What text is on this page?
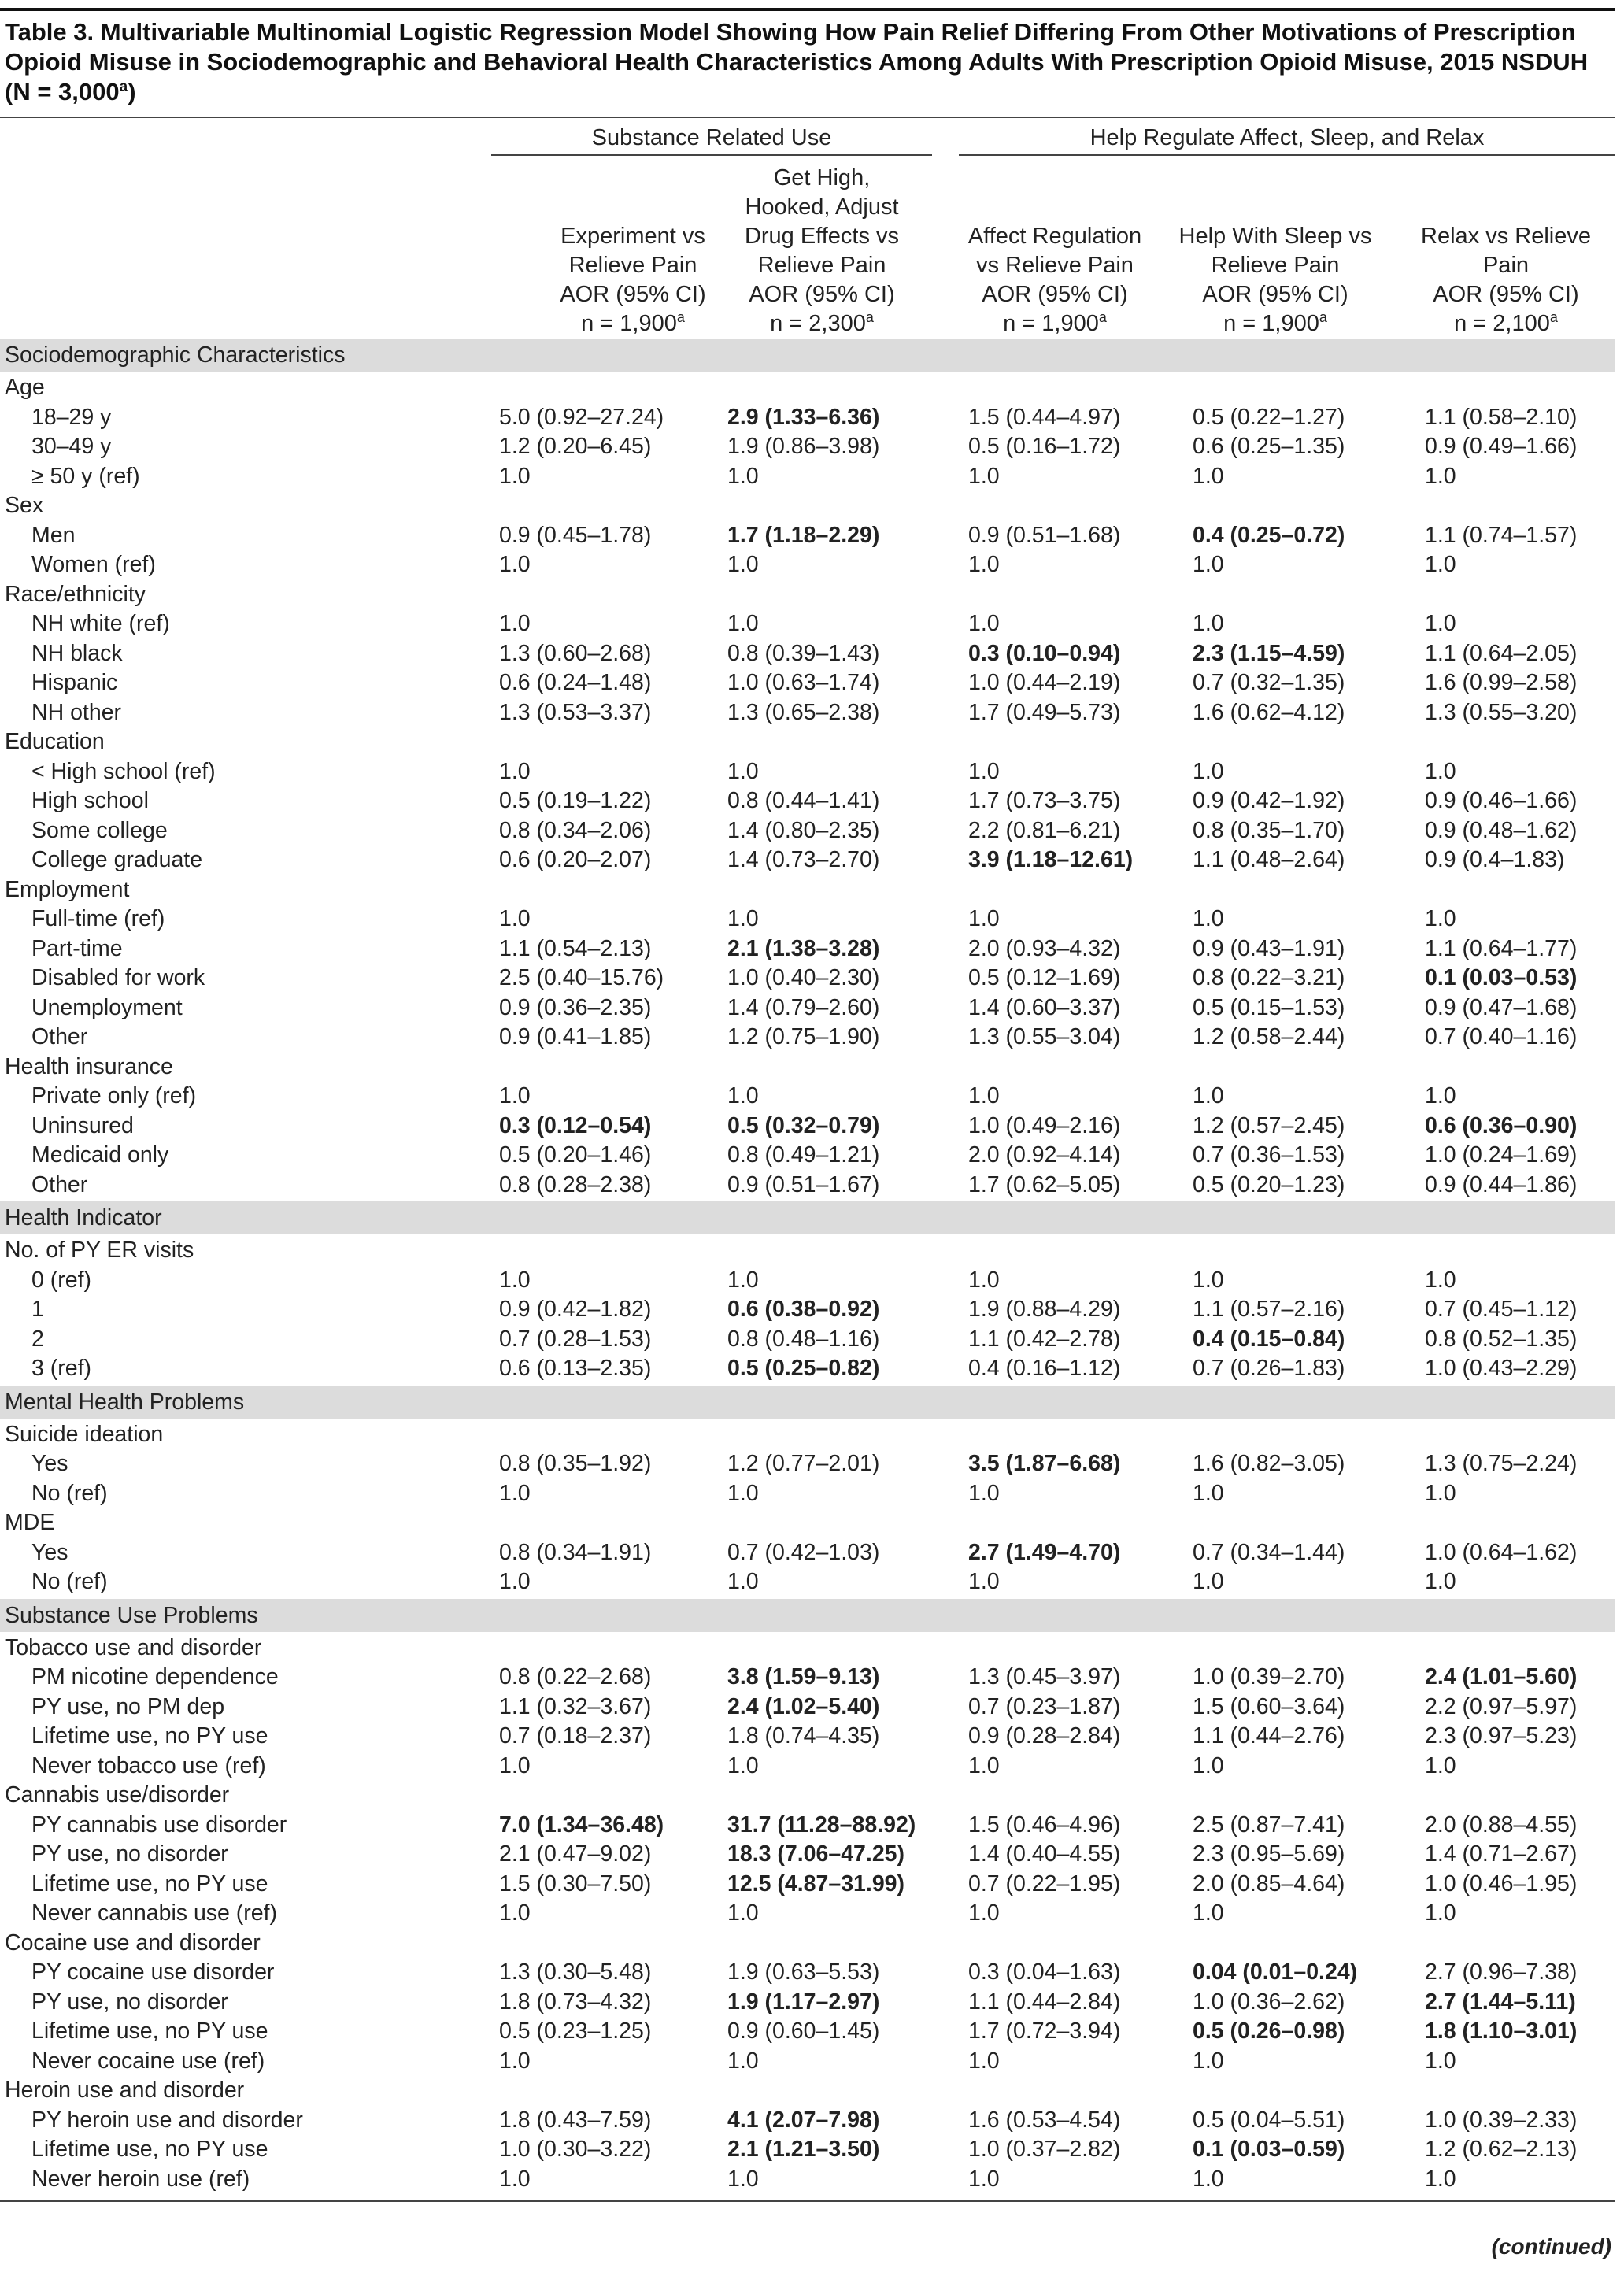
Table 3. Multivariable Multinomial Logistic Regression Model Showing How Pain Relief Differing From Other Motivations of Prescription Opioid Misuse in Sociodemographic and Behavioral Health Characteristics Among Adults With Prescription Opioid Misuse, 2015 NSDUH (N = 3,000$^a$)

Substance Related Use	Help Regulate Affect, Sleep, and Relax

Experiment vs
Relieve Pain
AOR (95% CI)
n = 1,900$^a$
Get High,
Hooked, Adjust
Drug Effects vs
Relieve Pain
AOR (95% CI)
n = 2,300$^a$

Affect Regulation
vs Relieve Pain
AOR (95% CI)
n = 1,900$^a$

Help With Sleep vs
Relieve Pain
AOR (95% CI)
n = 1,900$^a$

Relax vs Relieve
Pain
AOR (95% CI)
n = 2,100$^a$
Sociodemographic Characteristics
Age
18–29 y	5.0 (0.92–27.24)	2.9 (1.33–6.36)	1.5 (0.44–4.97)	0.5 (0.22–1.27)	1.1 (0.58–2.10)
30–49 y	1.2 (0.20–6.45)	1.9 (0.86–3.98)	0.5 (0.16–1.72)	0.6 (0.25–1.35)	0.9 (0.49–1.66)
≥ 50 y (ref)	1.0	1.0	1.0	1.0	1.0
Sex
Men	0.9 (0.45–1.78)	1.7 (1.18–2.29)	0.9 (0.51–1.68)	0.4 (0.25–0.72)	1.1 (0.74–1.57)
Women (ref)	1.0	1.0	1.0	1.0	1.0
Race/ethnicity
NH white (ref)	1.0	1.0	1.0	1.0	1.0
NH black	1.3 (0.60–2.68)	0.8 (0.39–1.43)	0.3 (0.10–0.94)	2.3 (1.15–4.59)	1.1 (0.64–2.05)
Hispanic	0.6 (0.24–1.48)	1.0 (0.63–1.74)	1.0 (0.44–2.19)	0.7 (0.32–1.35)	1.6 (0.99–2.58)
NH other	1.3 (0.53–3.37)	1.3 (0.65–2.38)	1.7 (0.49–5.73)	1.6 (0.62–4.12)	1.3 (0.55–3.20)
Education
< High school (ref)	1.0	1.0	1.0	1.0	1.0
High school	0.5 (0.19–1.22)	0.8 (0.44–1.41)	1.7 (0.73–3.75)	0.9 (0.42–1.92)	0.9 (0.46–1.66)
Some college	0.8 (0.34–2.06)	1.4 (0.80–2.35)	2.2 (0.81–6.21)	0.8 (0.35–1.70)	0.9 (0.48–1.62)
College graduate	0.6 (0.20–2.07)	1.4 (0.73–2.70)	3.9 (1.18–12.61)	1.1 (0.48–2.64)	0.9 (0.4–1.83)
Employment
Full-time (ref)	1.0	1.0	1.0	1.0	1.0
Part-time	1.1 (0.54–2.13)	2.1 (1.38–3.28)	2.0 (0.93–4.32)	0.9 (0.43–1.91)	1.1 (0.64–1.77)
Disabled for work	2.5 (0.40–15.76)	1.0 (0.40–2.30)	0.5 (0.12–1.69)	0.8 (0.22–3.21)	0.1 (0.03–0.53)
Unemployment	0.9 (0.36–2.35)	1.4 (0.79–2.60)	1.4 (0.60–3.37)	0.5 (0.15–1.53)	0.9 (0.47–1.68)
Other	0.9 (0.41–1.85)	1.2 (0.75–1.90)	1.3 (0.55–3.04)	1.2 (0.58–2.44)	0.7 (0.40–1.16)
Health insurance
Private only (ref)	1.0	1.0	1.0	1.0	1.0
Uninsured	0.3 (0.12–0.54)	0.5 (0.32–0.79)	1.0 (0.49–2.16)	1.2 (0.57–2.45)	0.6 (0.36–0.90)
Medicaid only	0.5 (0.20–1.46)	0.8 (0.49–1.21)	2.0 (0.92–4.14)	0.7 (0.36–1.53)	1.0 (0.24–1.69)
Other	0.8 (0.28–2.38)	0.9 (0.51–1.67)	1.7 (0.62–5.05)	0.5 (0.20–1.23)	0.9 (0.44–1.86)
Health Indicator
No. of PY ER visits
0 (ref)	1.0	1.0	1.0	1.0	1.0
1	0.9 (0.42–1.82)	0.6 (0.38–0.92)	1.9 (0.88–4.29)	1.1 (0.57–2.16)	0.7 (0.45–1.12)
2	0.7 (0.28–1.53)	0.8 (0.48–1.16)	1.1 (0.42–2.78)	0.4 (0.15–0.84)	0.8 (0.52–1.35)
3 (ref)	0.6 (0.13–2.35)	0.5 (0.25–0.82)	0.4 (0.16–1.12)	0.7 (0.26–1.83)	1.0 (0.43–2.29)
Mental Health Problems
Suicide ideation
Yes	0.8 (0.35–1.92)	1.2 (0.77–2.01)	3.5 (1.87–6.68)	1.6 (0.82–3.05)	1.3 (0.75–2.24)
No (ref)	1.0	1.0	1.0	1.0	1.0
MDE
Yes	0.8 (0.34–1.91)	0.7 (0.42–1.03)	2.7 (1.49–4.70)	0.7 (0.34–1.44)	1.0 (0.64–1.62)
No (ref)	1.0	1.0	1.0	1.0	1.0
Substance Use Problems
Tobacco use and disorder
PM nicotine dependence	0.8 (0.22–2.68)	3.8 (1.59–9.13)	1.3 (0.45–3.97)	1.0 (0.39–2.70)	2.4 (1.01–5.60)
PY use, no PM dep	1.1 (0.32–3.67)	2.4 (1.02–5.40)	0.7 (0.23–1.87)	1.5 (0.60–3.64)	2.2 (0.97–5.97)
Lifetime use, no PY use	0.7 (0.18–2.37)	1.8 (0.74–4.35)	0.9 (0.28–2.84)	1.1 (0.44–2.76)	2.3 (0.97–5.23)
Never tobacco use (ref)	1.0	1.0	1.0	1.0	1.0
Cannabis use/disorder
PY cannabis use disorder	7.0 (1.34–36.48)	31.7 (11.28–88.92) 1.5 (0.46–4.96)	2.5 (0.87–7.41)	2.0 (0.88–4.55)
PY use, no disorder	2.1 (0.47–9.02)	18.3 (7.06–47.25)	1.4 (0.40–4.55)	2.3 (0.95–5.69)	1.4 (0.71–2.67)
Lifetime use, no PY use	1.5 (0.30–7.50)	12.5 (4.87–31.99)	0.7 (0.22–1.95)	2.0 (0.85–4.64)	1.0 (0.46–1.95)
Never cannabis use (ref)	1.0	1.0	1.0	1.0	1.0
Cocaine use and disorder
PY cocaine use disorder	1.3 (0.30–5.48)	1.9 (0.63–5.53)	0.3 (0.04–1.63)	0.04 (0.01–0.24)	2.7 (0.96–7.38)
PY use, no disorder	1.8 (0.73–4.32)	1.9 (1.17–2.97)	1.1 (0.44–2.84)	1.0 (0.36–2.62)	2.7 (1.44–5.11)
Lifetime use, no PY use	0.5 (0.23–1.25)	0.9 (0.60–1.45)	1.7 (0.72–3.94)	0.5 (0.26–0.98)	1.8 (1.10–3.01)
Never cocaine use (ref)	1.0	1.0	1.0	1.0	1.0
Heroin use and disorder
PY heroin use and disorder	1.8 (0.43–7.59)	4.1 (2.07–7.98)	1.6 (0.53–4.54)	0.5 (0.04–5.51)	1.0 (0.39–2.33)
Lifetime use, no PY use	1.0 (0.30–3.22)	2.1 (1.21–3.50)	1.0 (0.37–2.82)	0.1 (0.03–0.59)	1.2 (0.62–2.13)
Never heroin use (ref)	1.0	1.0	1.0	1.0	1.0
(continued)
